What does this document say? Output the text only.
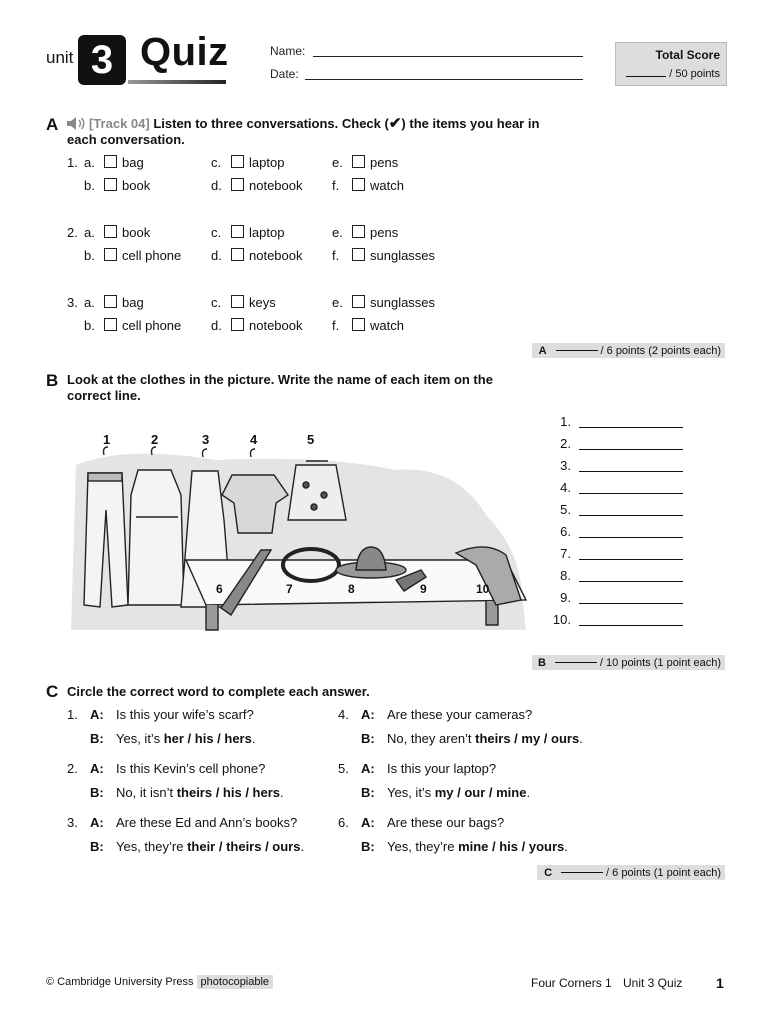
unit 3 Quiz	Name:
Date:
Total Score
/ 50 points
A [Track 04] Listen to three conversations. Check (✔) the items you hear in
each conversation.
1. a.	bag
b.	book
c.	laptop
d.	notebook
e.	pens
f.	watch
2. a.	book
b.	cell phone
c.	laptop
d.	notebook
e.	pens
f.	sunglasses
3. a.	bag
b.	cell phone
c.	keys
d.	notebook
e.	sunglasses
f.	watch
A	/ 6 points (2 points each)
B Look at the clothes in the picture. Write the name of each item on the
correct line.
1	2	3	4	5
6	7	8	9	10
1.
2.
3.
4.
5.
6.
7.
8.
9.
10.
B	/ 10 points (1 point each)
C Circle the correct word to complete each answer.
1. A: Is this your wife’s scarf?
B: Yes, it’s her / his / hers.
2. A: Is this Kevin’s cell phone?
B: No, it isn’t theirs / his / hers.
3. A: Are these Ed and Ann’s books?
B: Yes, they’re their / theirs / ours.
4. A: Are these your cameras?
B: No, they aren’t theirs / my / ours.
5. A: Is this your laptop?
B: Yes, it’s my / our / mine.
6. A: Are these our bags?
B: Yes, they’re mine / his / yours.
C	/ 6 points (1 point each)
© Cambridge University Press photocopiable	Four Corners 1 Unit 3 Quiz 1
